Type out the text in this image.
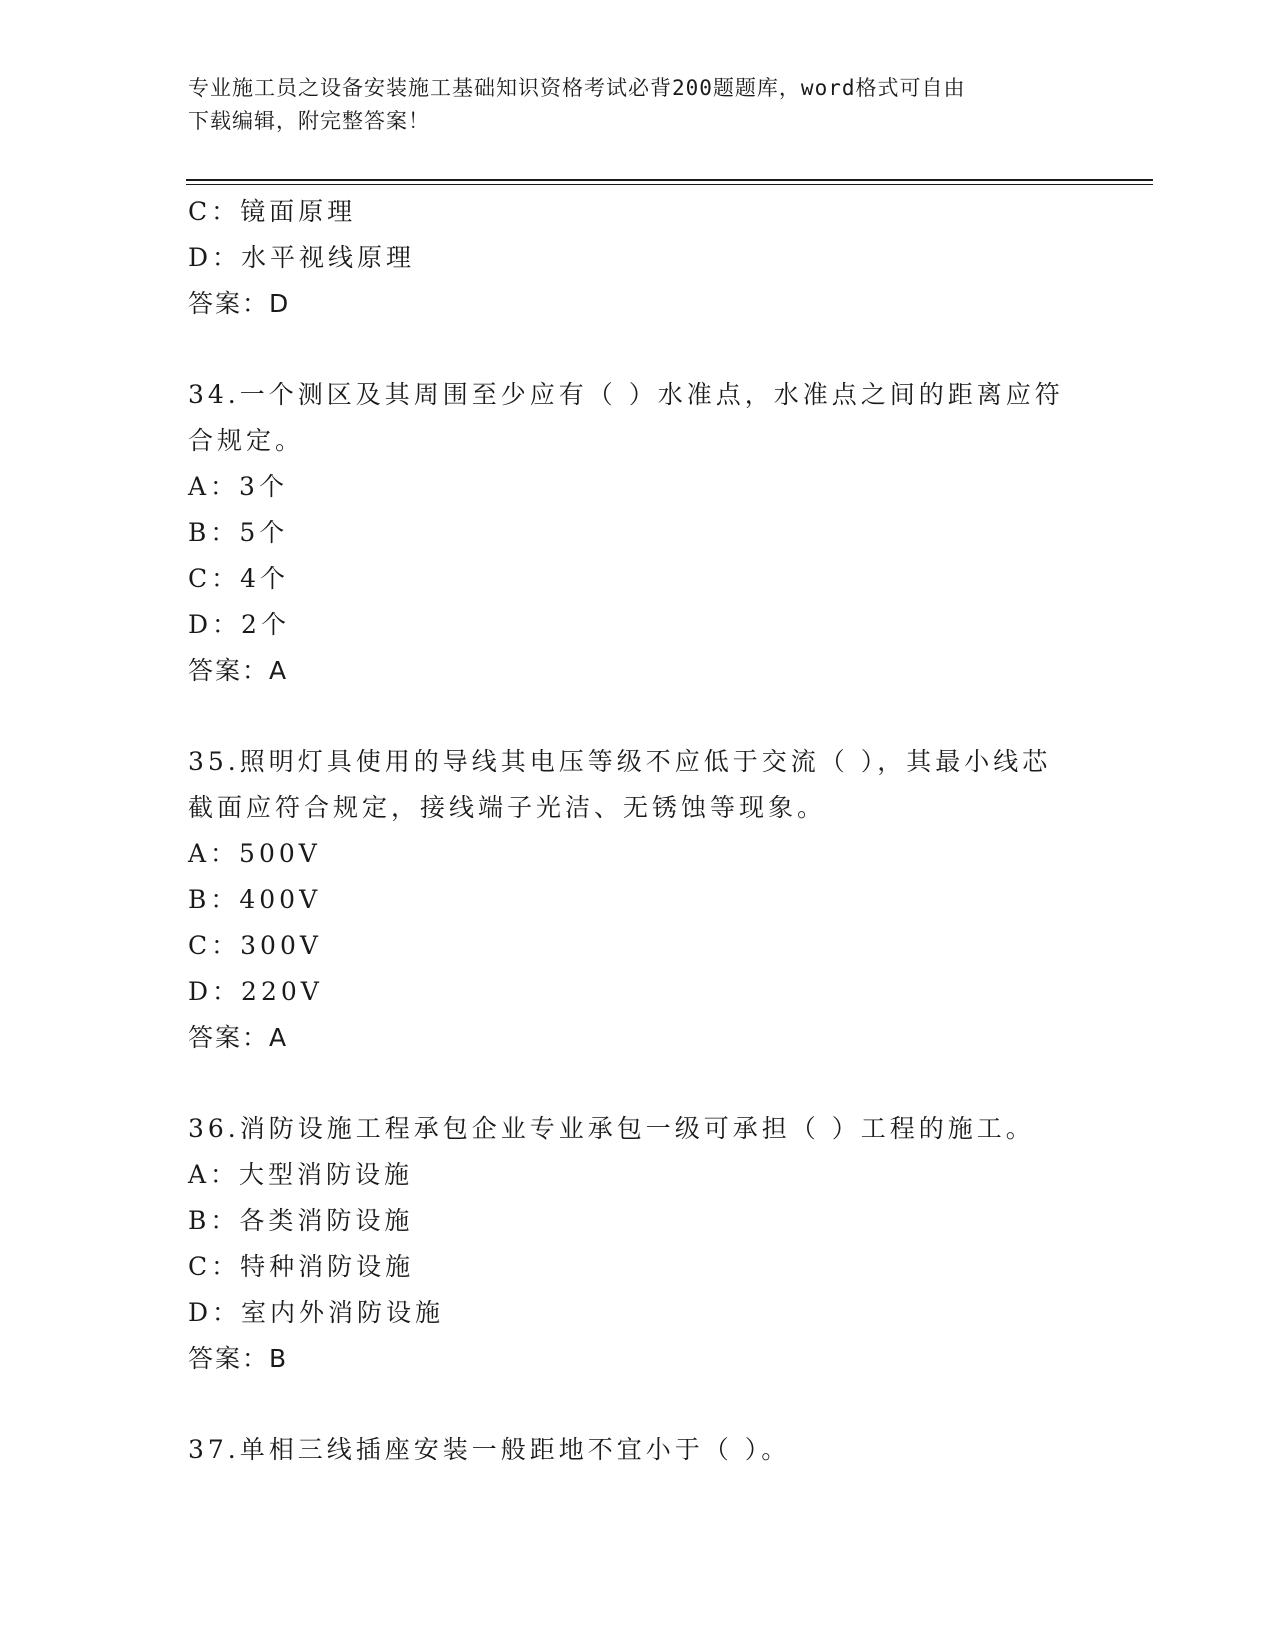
专业施工员之设备安装施工基础知识资格考试必背200题题库，word格式可自由
下载编辑，附完整答案！
C：镜面原理
D：水平视线原理
答案：D
34.一个测区及其周围至少应有（ ）水准点，水准点之间的距离应符
合规定。
A：3个
B：5个
C：4个
D：2个
答案：A
35.照明灯具使用的导线其电压等级不应低于交流（ ），其最小线芯
截面应符合规定，接线端子光洁、无锈蚀等现象。
A：500V
B：400V
C：300V
D：220V
答案：A
36.消防设施工程承包企业专业承包一级可承担（ ）工程的施工。
A：大型消防设施
B：各类消防设施
C：特种消防设施
D：室内外消防设施
答案：B
37.单相三线插座安装一般距地不宜小于（ ）。
